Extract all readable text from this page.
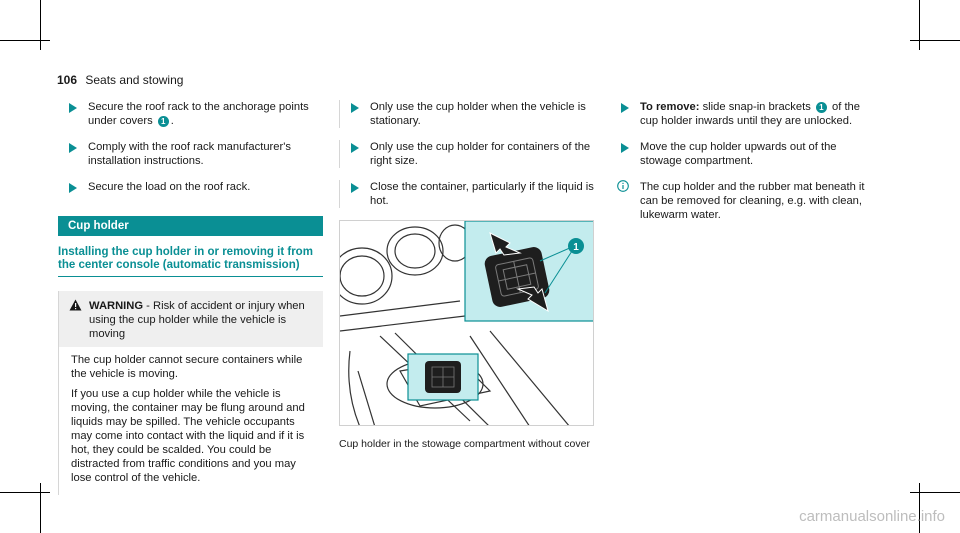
106 Seats and stowing
Secure the roof rack to the anchorage points under covers 1 .
Comply with the roof rack manufacturer's installation instructions.
Secure the load on the roof rack.
Cup holder
Installing the cup holder in or removing it from the center console (automatic transmission)
WARNING - Risk of accident or injury when using the cup holder while the vehicle is moving

The cup holder cannot secure containers while the vehicle is moving.

If you use a cup holder while the vehicle is moving, the container may be flung around and liquids may be spilled. The vehicle occupants may come into contact with the liquid and if it is hot, they could be scalded. You could be distracted from traffic conditions and you may lose control of the vehicle.

Only use the cup holder when the vehicle is stationary.
Only use the cup holder for containers of the right size.
Close the container, particularly if the liquid is hot.
1
Cup holder in the stowage compartment without cover
To remove: slide snap-in brackets 1 of the cup holder inwards until they are unlocked.
Move the cup holder upwards out of the stowage compartment.
The cup holder and the rubber mat beneath it can be removed for cleaning, e.g. with clean, lukewarm water.
carmanualsonline.info
